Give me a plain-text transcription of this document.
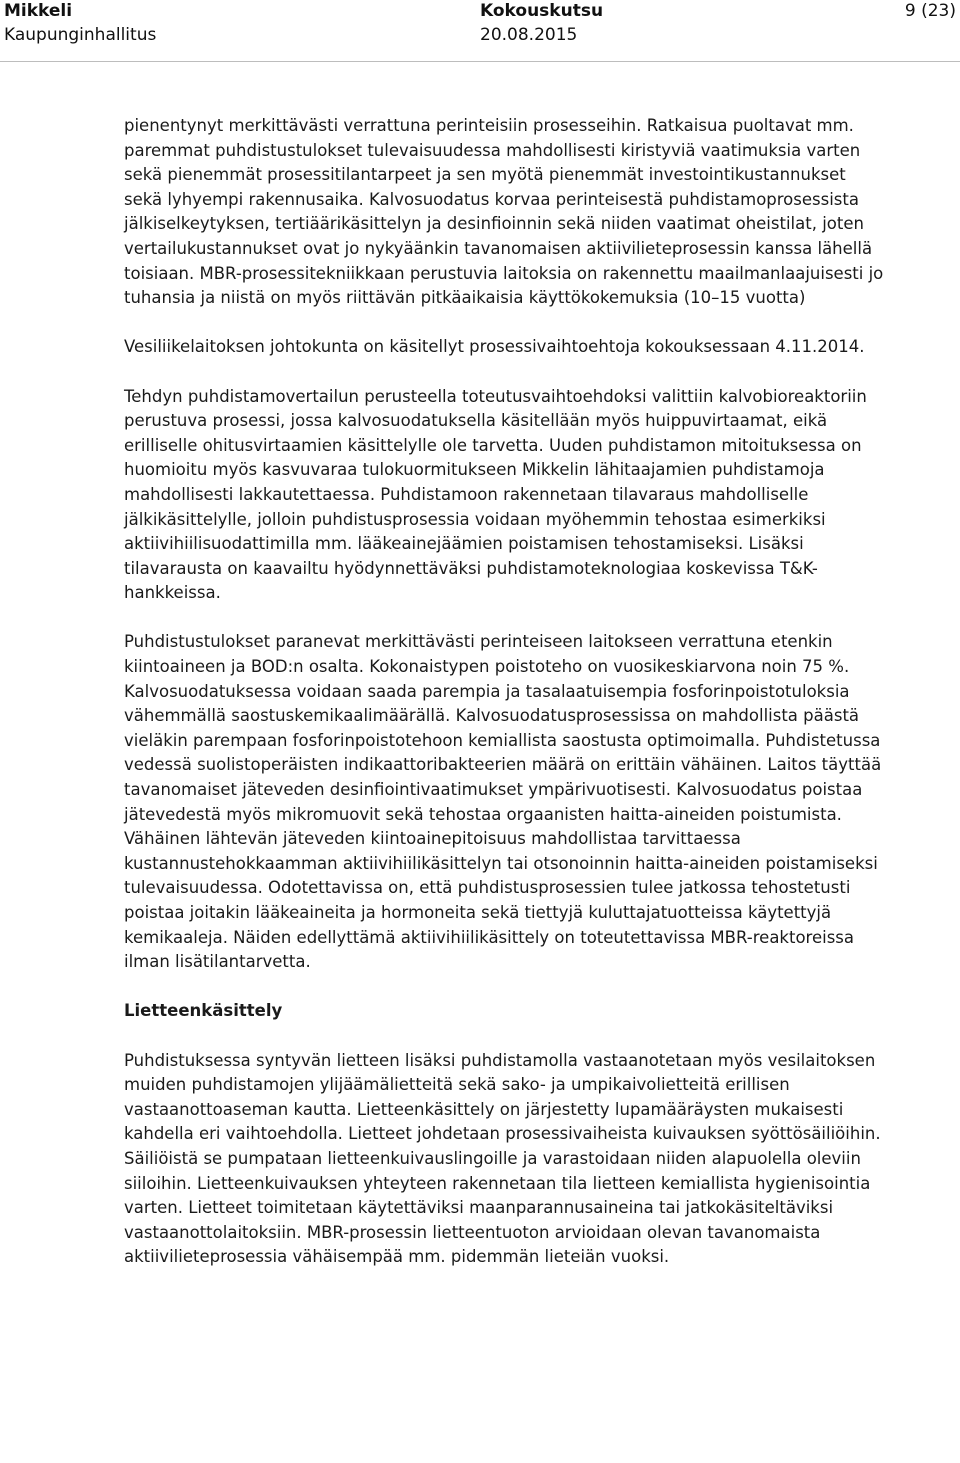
Mikkeli
Kaupunginhallitus
Kokouskutsu
20.08.2015
9 (23)

pienentynyt merkittävästi verrattuna perinteisiin prosesseihin. Ratkaisua puoltavat mm. paremmat puhdistustulokset tulevaisuudessa mahdollisesti kiristyviä vaatimuksia varten sekä pienemmät prosessitilantarpeet ja sen myötä pienemmät investointikustannukset sekä lyhyempi rakennusaika. Kalvosuodatus korvaa perinteisestä puhdistamoprosessista jälkiselkeytyksen, tertiäärikäsittelyn ja desinfioinnin sekä niiden vaatimat oheistilat, joten vertailukustannukset ovat jo nykyäänkin tavanomaisen aktiivilieteprosessin kanssa lähellä toisiaan. MBR-prosessitekniikkaan perustuvia laitoksia on rakennettu maailmanlaajuisesti jo tuhansia ja niistä on myös riittävän pitkäaikaisia käyttökokemuksia (10–15 vuotta)

Vesiliikelaitoksen johtokunta on käsitellyt prosessivaihtoehtoja kokouksessaan 4.11.2014.

Tehdyn puhdistamovertailun perusteella toteutusvaihtoehdoksi valittiin kalvobioreaktoriin perustuva prosessi, jossa kalvosuodatuksella käsitellään myös huippuvirtaamat, eikä erilliselle ohitusvirtaamien käsittelylle ole tarvetta. Uuden puhdistamon mitoituksessa on huomioitu myös kasvuvaraa tulokuormitukseen Mikkelin lähitaajamien puhdistamoja mahdollisesti lakkautettaessa. Puhdistamoon rakennetaan tilavaraus mahdolliselle jälkikäsittelylle, jolloin puhdistusprosessia voidaan myöhemmin tehostaa esimerkiksi aktiivihiilisuodattimilla mm. lääkeainejäämien poistamisen tehostamiseksi. Lisäksi tilavarausta on kaavailtu hyödynnettäväksi puhdistamoteknologiaa koskevissa T&K- hankkeissa.

Puhdistustulokset paranevat merkittävästi perinteiseen laitokseen verrattuna etenkin kiintoaineen ja BOD:n osalta. Kokonaistypen poistoteho on vuosikeskiarvona noin 75 %. Kalvosuodatuksessa voidaan saada parempia ja tasalaatuisempia fosforinpoistotuloksia vähemmällä saostuskemikaalimäärällä. Kalvosuodatusprosessissa on mahdollista päästä vieläkin parempaan fosforinpoistotehoon kemiallista saostusta optimoimalla. Puhdistetussa vedessä suolistoperäisten indikaattoribakteerien määrä on erittäin vähäinen. Laitos täyttää tavanomaiset jäteveden desinfiointivaatimukset ympärivuotisesti. Kalvosuodatus poistaa jätevedestä myös mikromuovit sekä tehostaa orgaanisten haitta-aineiden poistumista. Vähäinen lähtevän jäteveden kiintoainepitoisuus mahdollistaa tarvittaessa kustannustehokkaamman aktiivihiilikäsittelyn tai otsonoinnin haitta-aineiden poistamiseksi tulevaisuudessa. Odotettavissa on, että puhdistusprosessien tulee jatkossa tehostetusti poistaa joitakin lääkeaineita ja hormoneita sekä tiettyjä kuluttajatuotteissa käytettyjä kemikaaleja. Näiden edellyttämä aktiivihiilikäsittely on toteutettavissa MBR-reaktoreissa ilman lisätilantarvetta.

Lietteenkäsittely

Puhdistuksessa syntyvän lietteen lisäksi puhdistamolla vastaanotetaan myös vesilaitoksen muiden puhdistamojen ylijäämälietteitä sekä sako- ja umpikaivolietteitä erillisen vastaanottoaseman kautta. Lietteenkäsittely on järjestetty lupamääräysten mukaisesti kahdella eri vaihtoehdolla. Lietteet johdetaan prosessivaiheista kuivauksen syöttösäiliöihin. Säiliöistä se pumpataan lietteenkuivauslingoille ja varastoidaan niiden alapuolella oleviin siiloihin. Lietteenkuivauksen yhteyteen rakennetaan tila lietteen kemiallista hygienisointia varten. Lietteet toimitetaan käytettäviksi maanparannusaineina tai jatkokäsiteltäviksi vastaanottolaitoksiin. MBR-prosessin lietteentuoton arvioidaan olevan tavanomaista aktiivilieteprosessia vähäisempää mm. pidemmän lieteiän vuoksi.
